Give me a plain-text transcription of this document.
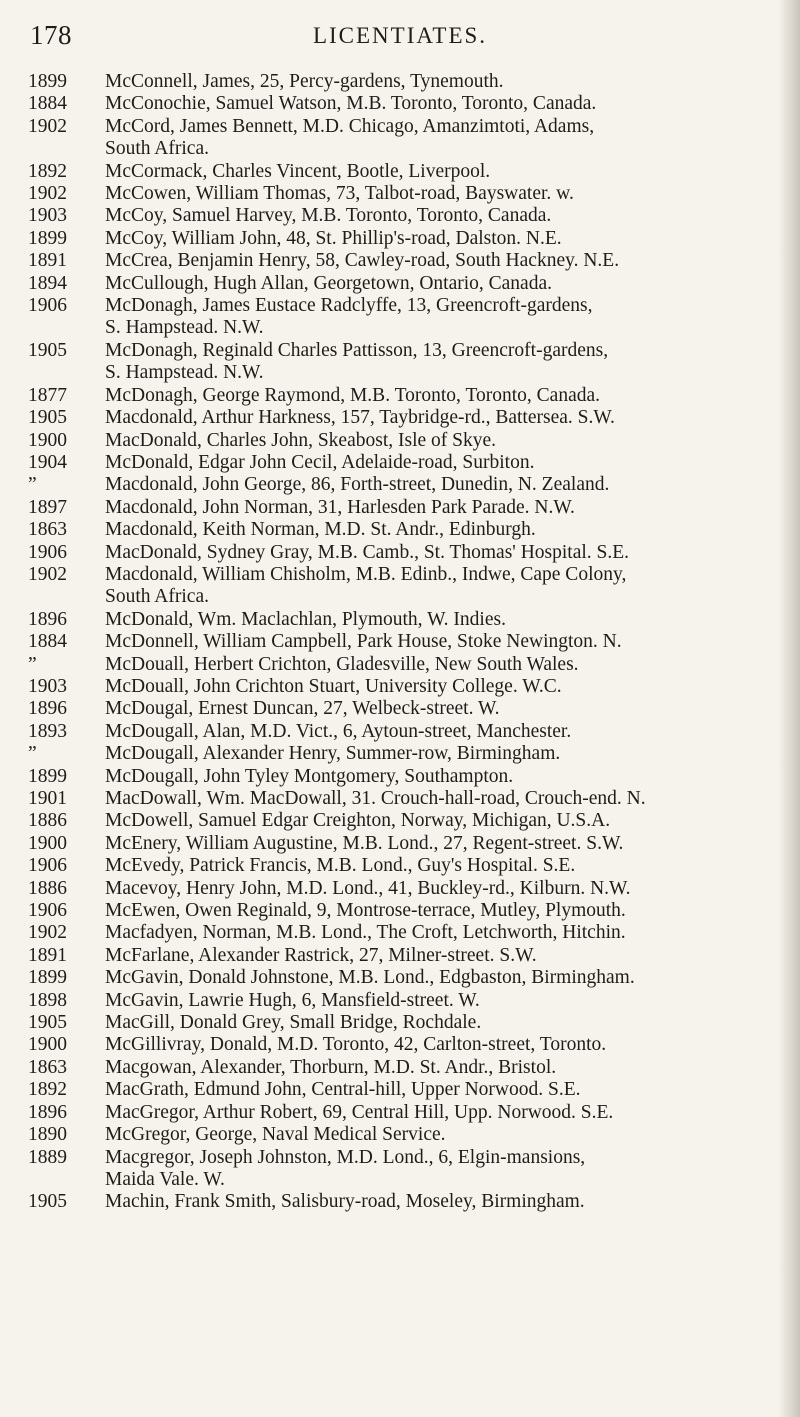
178	LICENTIATES.
1899	McConnell, James, 25, Percy-gardens, Tynemouth.
1884	McConochie, Samuel Watson, M.B. Toronto, Toronto, Canada.
1902	McCord, James Bennett, M.D. Chicago, Amanzimtoti, Adams,
South Africa.
1892	McCormack, Charles Vincent, Bootle, Liverpool.
1902	McCowen, William Thomas, 73, Talbot-road, Bayswater. w.
1903	McCoy, Samuel Harvey, M.B. Toronto, Toronto, Canada.
1899	McCoy, William John, 48, St. Phillip's-road, Dalston. N.E.
1891	McCrea, Benjamin Henry, 58, Cawley-road, South Hackney. N.E.
1894	McCullough, Hugh Allan, Georgetown, Ontario, Canada.
1906	McDonagh, James Eustace Radclyffe, 13, Greencroft-gardens,
S. Hampstead. N.W.
1905	McDonagh, Reginald Charles Pattisson, 13, Greencroft-gardens,
S. Hampstead. N.W.
1877	McDonagh, George Raymond, M.B. Toronto, Toronto, Canada.
1905	Macdonald, Arthur Harkness, 157, Taybridge-rd., Battersea. S.W.
1900	MacDonald, Charles John, Skeabost, Isle of Skye.
1904	McDonald, Edgar John Cecil, Adelaide-road, Surbiton.
”	Macdonald, John George, 86, Forth-street, Dunedin, N. Zealand.
1897	Macdonald, John Norman, 31, Harlesden Park Parade. N.W.
1863	Macdonald, Keith Norman, M.D. St. Andr., Edinburgh.
1906	MacDonald, Sydney Gray, M.B. Camb., St. Thomas' Hospital. S.E.
1902	Macdonald, William Chisholm, M.B. Edinb., Indwe, Cape Colony,
South Africa.
1896	McDonald, Wm. Maclachlan, Plymouth, W. Indies.
1884	McDonnell, William Campbell, Park House, Stoke Newington. N.
”	McDouall, Herbert Crichton, Gladesville, New South Wales.
1903	McDouall, John Crichton Stuart, University College. W.C.
1896	McDougal, Ernest Duncan, 27, Welbeck-street. W.
1893	McDougall, Alan, M.D. Vict., 6, Aytoun-street, Manchester.
”	McDougall, Alexander Henry, Summer-row, Birmingham.
1899	McDougall, John Tyley Montgomery, Southampton.
1901	MacDowall, Wm. MacDowall, 31. Crouch-hall-road, Crouch-end. N.
1886	McDowell, Samuel Edgar Creighton, Norway, Michigan, U.S.A.
1900	McEnery, William Augustine, M.B. Lond., 27, Regent-street. S.W.
1906	McEvedy, Patrick Francis, M.B. Lond., Guy's Hospital. S.E.
1886	Macevoy, Henry John, M.D. Lond., 41, Buckley-rd., Kilburn. N.W.
1906	McEwen, Owen Reginald, 9, Montrose-terrace, Mutley, Plymouth.
1902	Macfadyen, Norman, M.B. Lond., The Croft, Letchworth, Hitchin.
1891	McFarlane, Alexander Rastrick, 27, Milner-street. S.W.
1899	McGavin, Donald Johnstone, M.B. Lond., Edgbaston, Birmingham.
1898	McGavin, Lawrie Hugh, 6, Mansfield-street. W.
1905	MacGill, Donald Grey, Small Bridge, Rochdale.
1900	McGillivray, Donald, M.D. Toronto, 42, Carlton-street, Toronto.
1863	Macgowan, Alexander, Thorburn, M.D. St. Andr., Bristol.
1892	MacGrath, Edmund John, Central-hill, Upper Norwood. S.E.
1896	MacGregor, Arthur Robert, 69, Central Hill, Upp. Norwood. S.E.
1890	McGregor, George, Naval Medical Service.
1889	Macgregor, Joseph Johnston, M.D. Lond., 6, Elgin-mansions,
Maida Vale. W.
1905	Machin, Frank Smith, Salisbury-road, Moseley, Birmingham.
